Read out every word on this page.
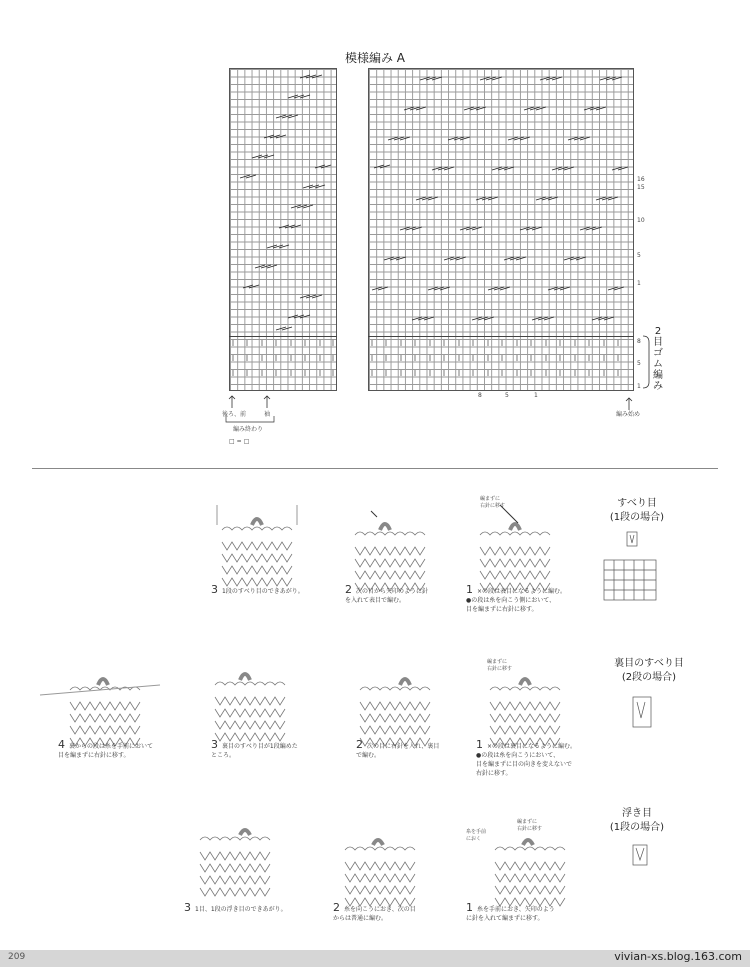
模様編み A
16
15
10
5
1
8
5
1
8	5	1
2目ゴム編み
後ろ、前	袖
編み終わり
編み始め
□=□
すべり目
(1段の場合)
裏目のすべり目
(2段の場合)
浮き目
(1段の場合)
3 1段のすべり目のできあがり。	2 次の目から矢印のように針
を入れて表目で編む。
1 ×の段は表目になるように編む。
●の段は糸を向こう側において、
目を編まずに右針に移す。
編まずに
右針に移す
4 裏からの段は糸を手前において
目を編まずに右針に移す。
3 裏目のすべり目が1段編めた
ところ。
2 次の目に右針を入れ、裏目
で編む。
1 ×の段は裏目になるように編む。
●の段は糸を向こうにおいて、
目を編まずに目の向きを変えないで
右針に移す。
編まずに
右針に移す
3 1目、1段の浮き目のできあがり。	2 糸を向こうにおき、次の目
からは普通に編む。
1 糸を手前におき、矢印のよう
に針を入れて編まずに移す。
編まずに
右針に移す
糸を手前
におく
209	vivian-xs.blog.163.com
